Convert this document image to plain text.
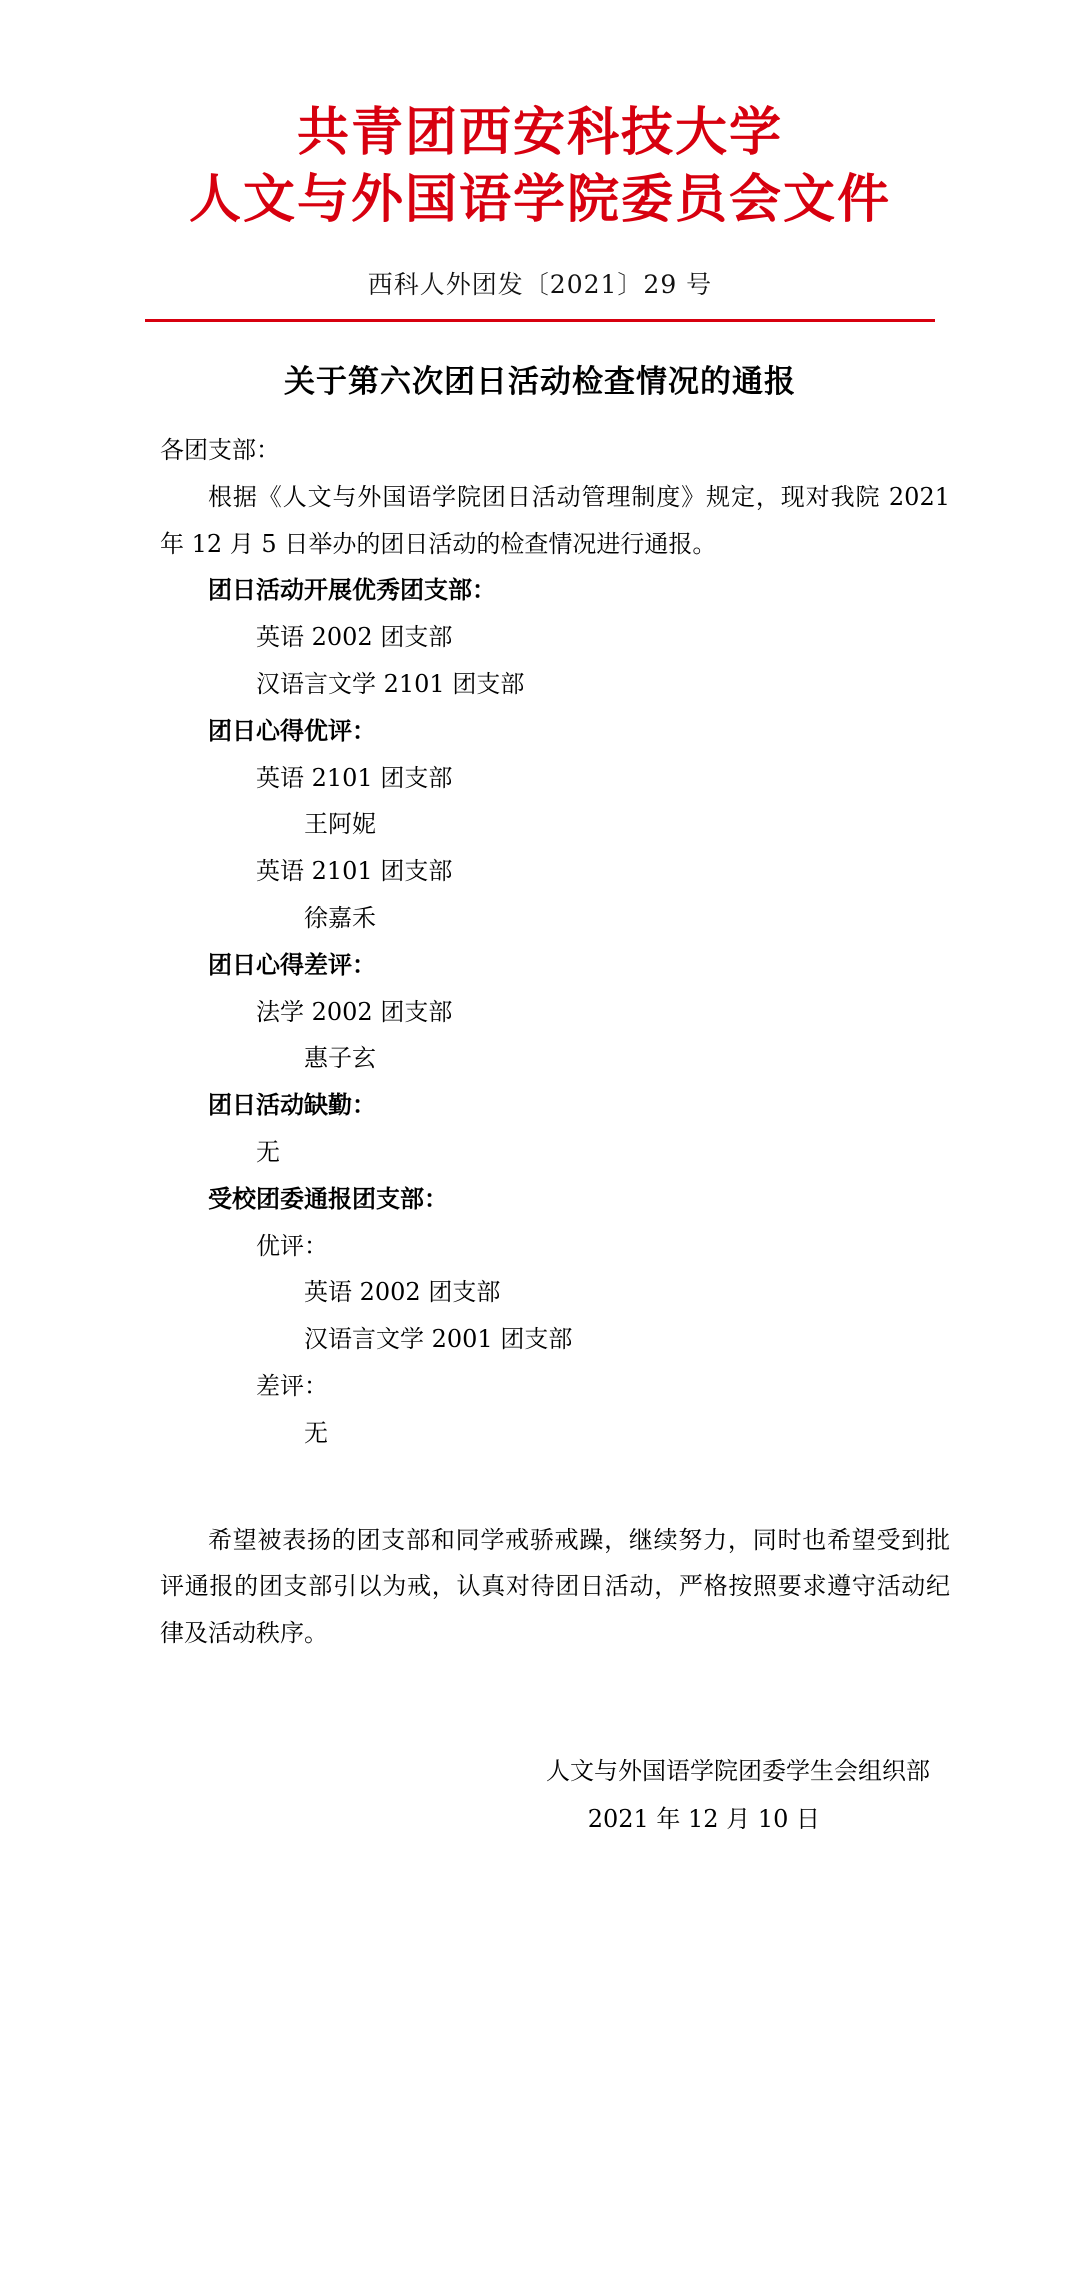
共青团西安科技大学
人文与外国语学院委员会文件
西科人外团发〔2021〕29 号
关于第六次团日活动检查情况的通报
各团支部：
根据《人文与外国语学院团日活动管理制度》规定，现对我院 2021 年 12 月 5 日举办的团日活动的检查情况进行通报。
团日活动开展优秀团支部：
英语 2002 团支部
汉语言文学 2101 团支部
团日心得优评：
英语 2101 团支部
王阿妮
英语 2101 团支部
徐嘉禾
团日心得差评：
法学 2002 团支部
惠子玄
团日活动缺勤：
无
受校团委通报团支部：
优评：
英语 2002 团支部
汉语言文学 2001 团支部
差评：
无
希望被表扬的团支部和同学戒骄戒躁，继续努力，同时也希望受到批评通报的团支部引以为戒，认真对待团日活动，严格按照要求遵守活动纪律及活动秩序。
人文与外国语学院团委学生会组织部
2021 年 12 月 10 日
